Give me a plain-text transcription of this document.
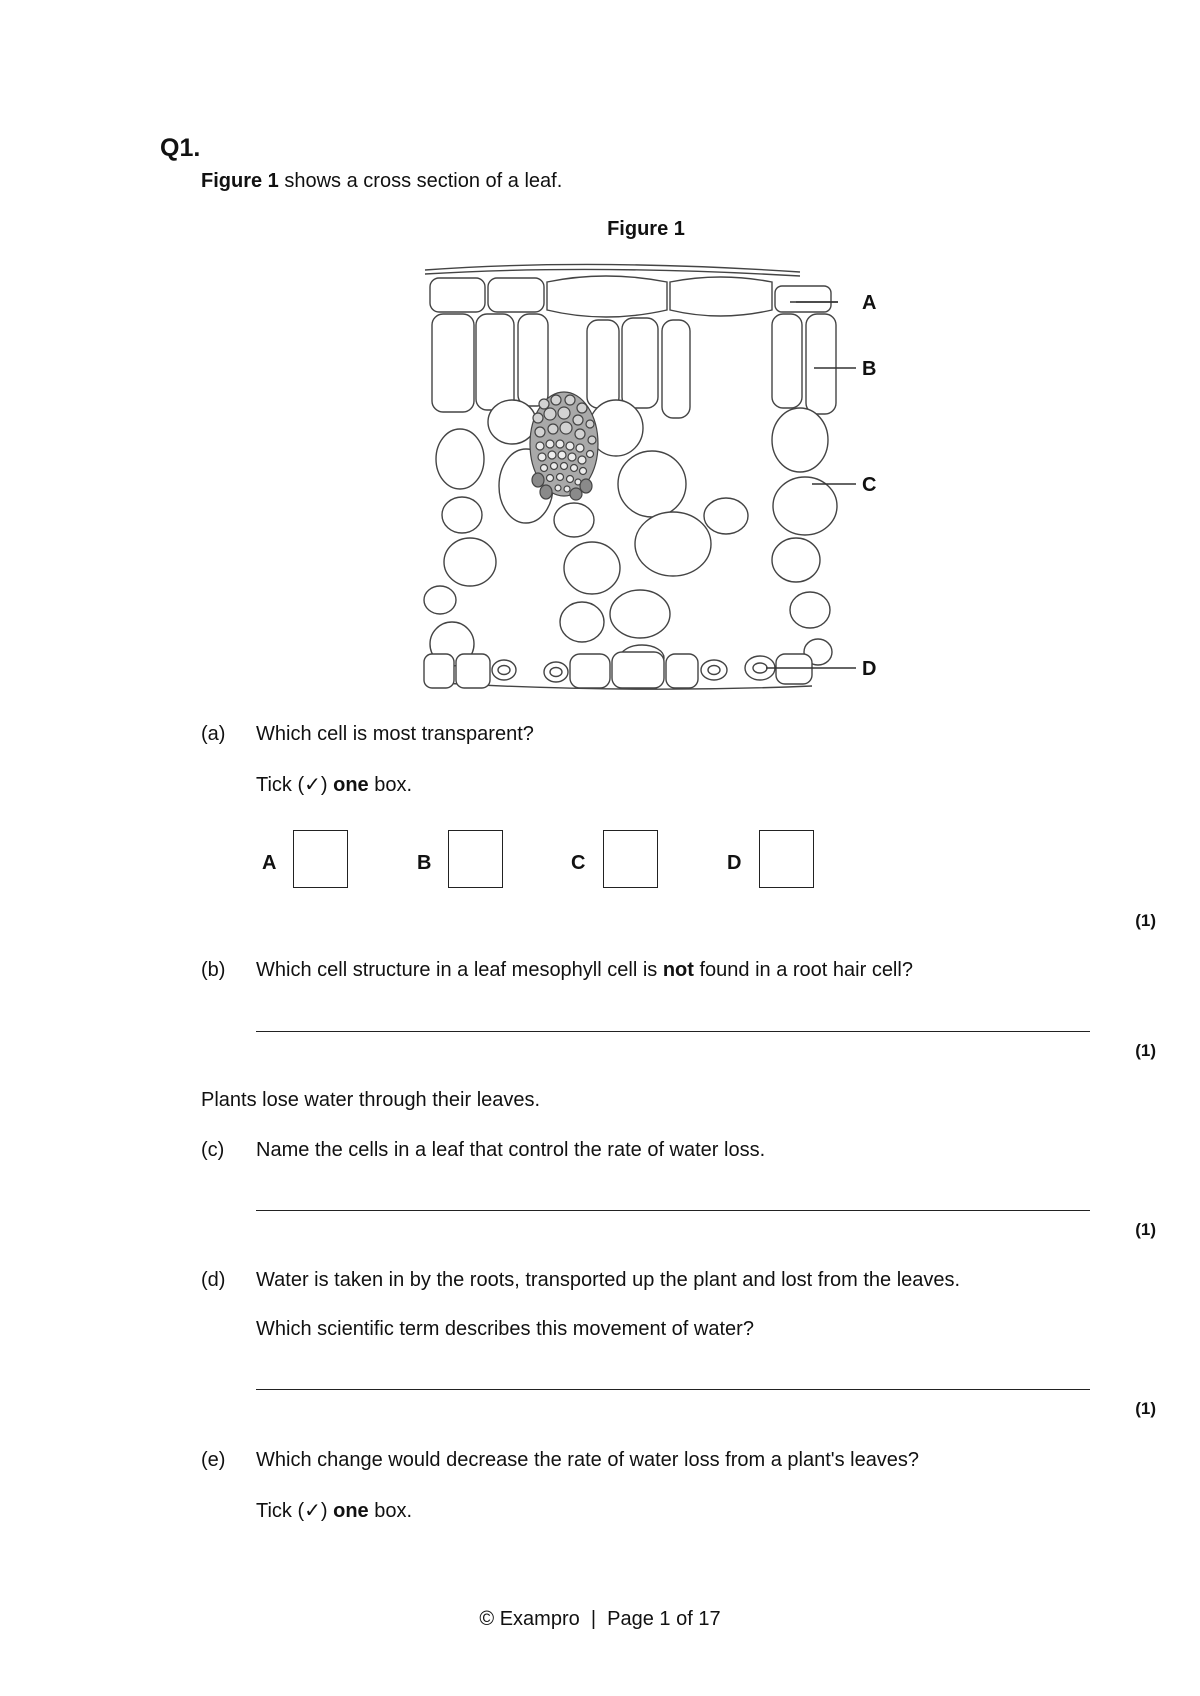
Q1.
Figure 1 shows a cross section of a leaf.
Figure 1
A
B
C
D
(a) Which cell is most transparent?
Tick (✓) one box.
A	B	C	D
(1)
(b) Which cell structure in a leaf mesophyll cell is not found in a root hair cell?
(1)
Plants lose water through their leaves.
(c) Name the cells in a leaf that control the rate of water loss.
(1)
(d) Water is taken in by the roots, transported up the plant and lost from the leaves.
Which scientific term describes this movement of water?
(1)
(e) Which change would decrease the rate of water loss from a plant's leaves?
Tick (✓) one box.
© Exampro  |  Page 1 of 17
